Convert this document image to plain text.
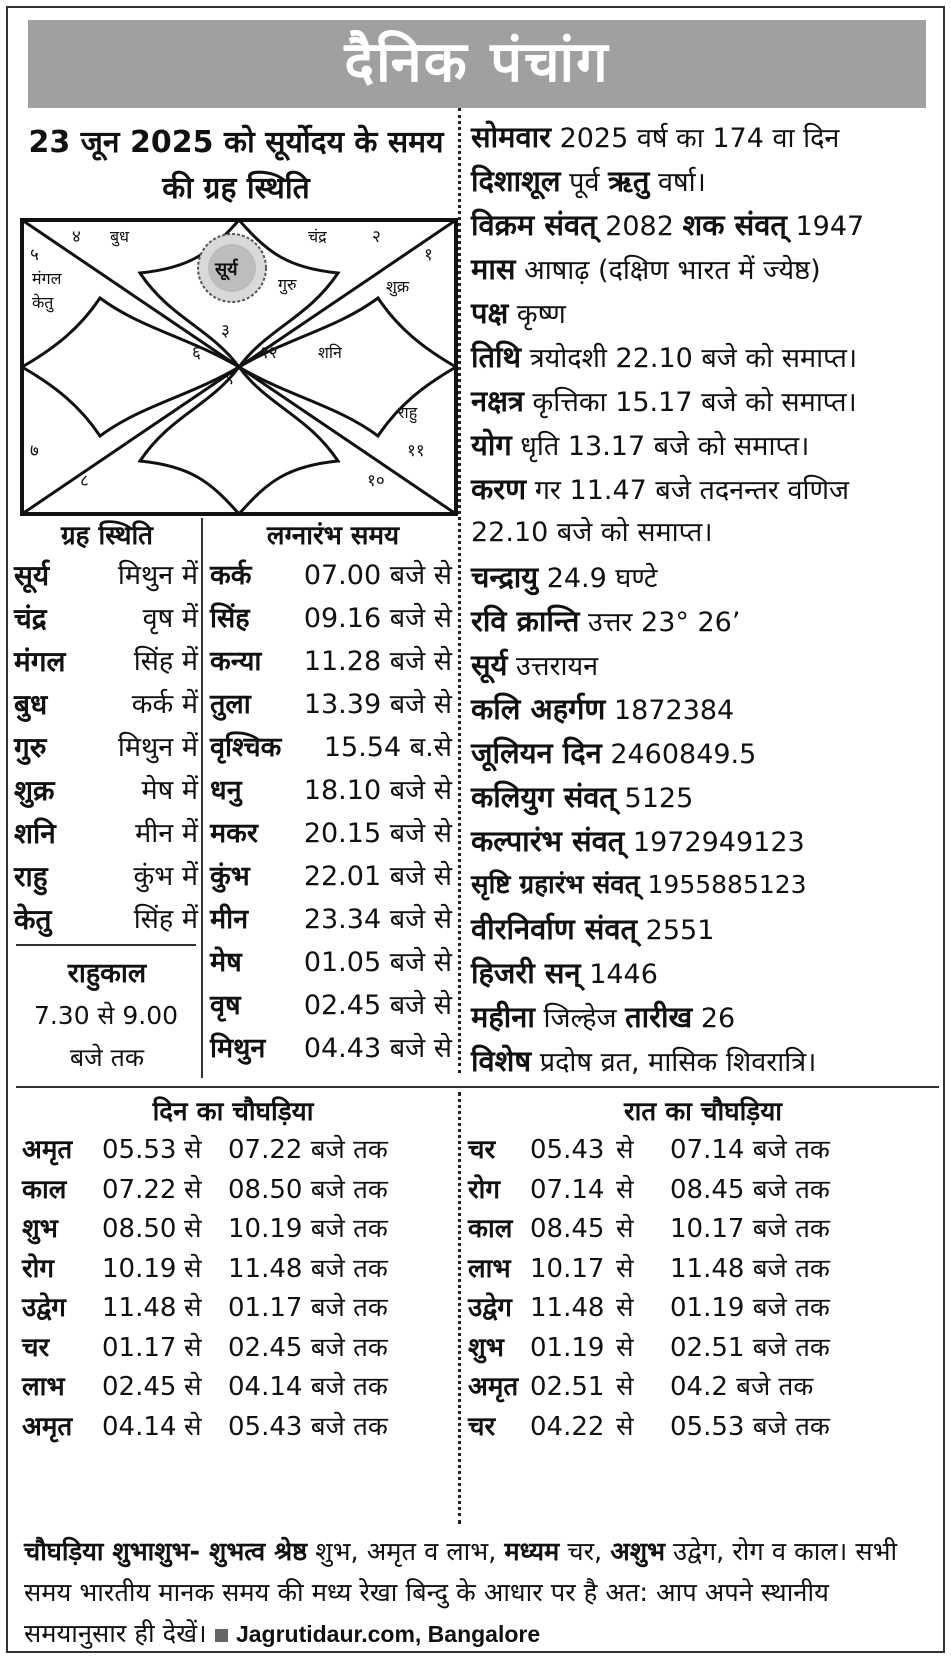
दैनिक पंचांग
23 जून 2025 को सूर्योदय के समय की ग्रह स्थिति
४	२
१
५
३
६	१२
९
७	११
८	१०
बुध	चंद्र
सूर्य
गुरु	शुक्र
मंगल
केतु
शनि
राहु
ग्रह स्थिति
सूर्य	मिथुन में
चंद्र	वृष में
मंगल	सिंह में
बुध	कर्क में
गुरु	मिथुन में
शुक्र	मेष में
शनि	मीन में
राहु	कुंभ में
केतु	सिंह में
राहुकाल
7.30 से 9.00
बजे तक
लग्नारंभ समय
कर्क 07.00 बजे से
सिंह 09.16 बजे से
कन्या 11.28 बजे से
तुला 13.39 बजे से
वृश्चिक 15.54 ब.से
धनु 18.10 बजे से
मकर 20.15 बजे से
कुंभ 22.01 बजे से
मीन 23.34 बजे से
मेष 01.05 बजे से
वृष 02.45 बजे से
मिथुन 04.43 बजे से
सोमवार 2025 वर्ष का 174 वा दिन
दिशाशूल पूर्व ऋतु वर्षा।
विक्रम संवत् 2082 शक संवत् 1947
मास आषाढ़ (दक्षिण भारत में ज्येष्ठ)
पक्ष कृष्ण
तिथि त्रयोदशी 22.10 बजे को समाप्त।
नक्षत्र कृत्तिका 15.17 बजे को समाप्त।
योग धृति 13.17 बजे को समाप्त।
करण गर 11.47 बजे तदनन्तर वणिज
22.10 बजे को समाप्त।
चन्द्रायु 24.9 घण्टे
रवि क्रान्ति उत्तर 23° 26’
सूर्य उत्तरायन
कलि अहर्गण 1872384
जूलियन दिन 2460849.5
कलियुग संवत् 5125
कल्पारंभ संवत् 1972949123
सृष्टि ग्रहारंभ संवत् 1955885123
वीरनिर्वाण संवत् 2551
हिजरी सन् 1446
महीना जिल्हेज तारीख 26
विशेष प्रदोष व्रत, मासिक शिवरात्रि।
दिन का चौघड़िया
अमृत 05.53 से 07.22 बजे तक
काल 07.22 से 08.50 बजे तक
शुभ 08.50 से 10.19 बजे तक
रोग 10.19 से 11.48 बजे तक
उद्वेग 11.48 से 01.17 बजे तक
चर 01.17 से 02.45 बजे तक
लाभ 02.45 से 04.14 बजे तक
अमृत 04.14 से 05.43 बजे तक
रात का चौघड़िया
चर 05.43 से 07.14 बजे तक
रोग 07.14 से 08.45 बजे तक
काल 08.45 से 10.17 बजे तक
लाभ 10.17 से 11.48 बजे तक
उद्वेग 11.48 से 01.19 बजे तक
शुभ 01.19 से 02.51 बजे तक
अमृत 02.51 से 04.2 बजे तक
चर 04.22 से 05.53 बजे तक
चौघड़िया शुभाशुभ- शुभत्व श्रेष्ठ शुभ, अमृत व लाभ, मध्यम चर, अशुभ उद्वेग, रोग व काल। सभी समय भारतीय मानक समय की मध्य रेखा बिन्दु के आधार पर है अत: आप अपने स्थानीय समयानुसार ही देखें। Jagrutidaur.com, Bangalore
